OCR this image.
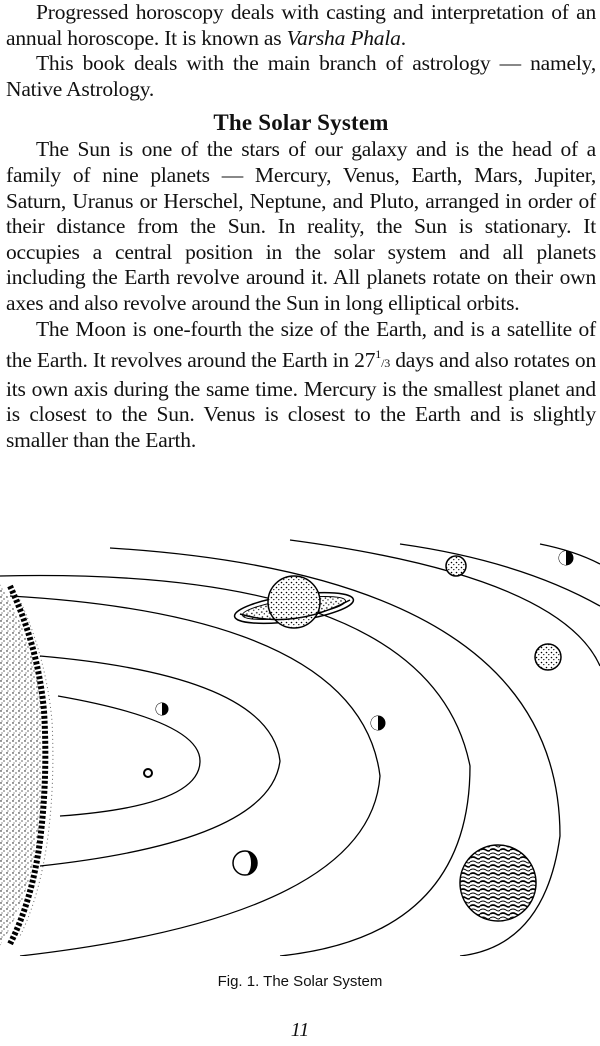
Progressed horoscopy deals with casting and interpretation of an annual horoscope. It is known as Varsha Phala.

This book deals with the main branch of astrology — namely, Native Astrology.

The Solar System

The Sun is one of the stars of our galaxy and is the head of a family of nine planets — Mercury, Venus, Earth, Mars, Jupiter, Saturn, Uranus or Herschel, Neptune, and Pluto, arranged in order of their distance from the Sun. In reality, the Sun is stationary. It occupies a central position in the solar system and all planets including the Earth revolve around it. All planets rotate on their own axes and also revolve around the Sun in long elliptical orbits.

The Moon is one-fourth the size of the Earth, and is a satellite of the Earth. It revolves around the Earth in $27^1/3$ days and also rotates on its own axis during the same time. Mercury is the smallest planet and is closest to the Sun. Venus is closest to the Earth and is slightly smaller than the Earth.

Fig. 1. The Solar System
11
